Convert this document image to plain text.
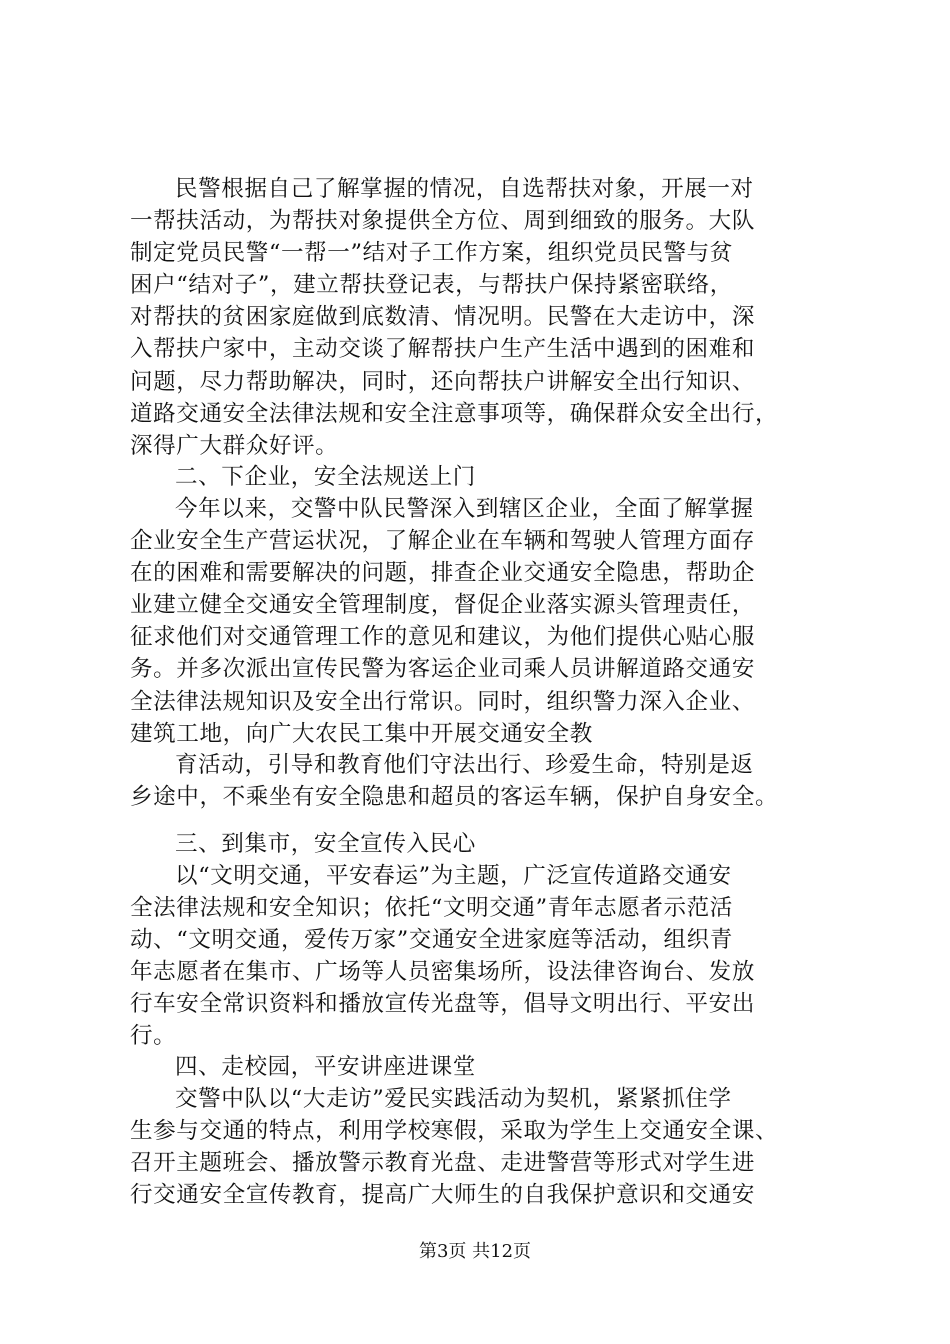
第3页 共12页
民警根据自己了解掌握的情况，自选帮扶对象，开展一对
一帮扶活动，为帮扶对象提供全方位、周到细致的服务。大队
制定党员民警“一帮一”结对子工作方案，组织党员民警与贫
困户“结对子”，建立帮扶登记表，与帮扶户保持紧密联络，
对帮扶的贫困家庭做到底数清、情况明。民警在大走访中，深
入帮扶户家中，主动交谈了解帮扶户生产生活中遇到的困难和
问题，尽力帮助解决，同时，还向帮扶户讲解安全出行知识、
道路交通安全法律法规和安全注意事项等，确保群众安全出行，
深得广大群众好评。
二、下企业，安全法规送上门
今年以来，交警中队民警深入到辖区企业，全面了解掌握
企业安全生产营运状况，了解企业在车辆和驾驶人管理方面存
在的困难和需要解决的问题，排查企业交通安全隐患，帮助企
业建立健全交通安全管理制度，督促企业落实源头管理责任，
征求他们对交通管理工作的意见和建议，为他们提供心贴心服
务。并多次派出宣传民警为客运企业司乘人员讲解道路交通安
全法律法规知识及安全出行常识。同时，组织警力深入企业、
建筑工地，向广大农民工集中开展交通安全教
育活动，引导和教育他们守法出行、珍爱生命，特别是返
乡途中，不乘坐有安全隐患和超员的客运车辆，保护自身安全。
三、到集市，安全宣传入民心
以“文明交通，平安春运”为主题，广泛宣传道路交通安
全法律法规和安全知识；依托“文明交通”青年志愿者示范活
动、“文明交通，爱传万家”交通安全进家庭等活动，组织青
年志愿者在集市、广场等人员密集场所，设法律咨询台、发放
行车安全常识资料和播放宣传光盘等，倡导文明出行、平安出
行。
四、走校园，平安讲座进课堂
交警中队以“大走访”爱民实践活动为契机，紧紧抓住学
生参与交通的特点，利用学校寒假，采取为学生上交通安全课、
召开主题班会、播放警示教育光盘、走进警营等形式对学生进
行交通安全宣传教育，提高广大师生的自我保护意识和交通安
